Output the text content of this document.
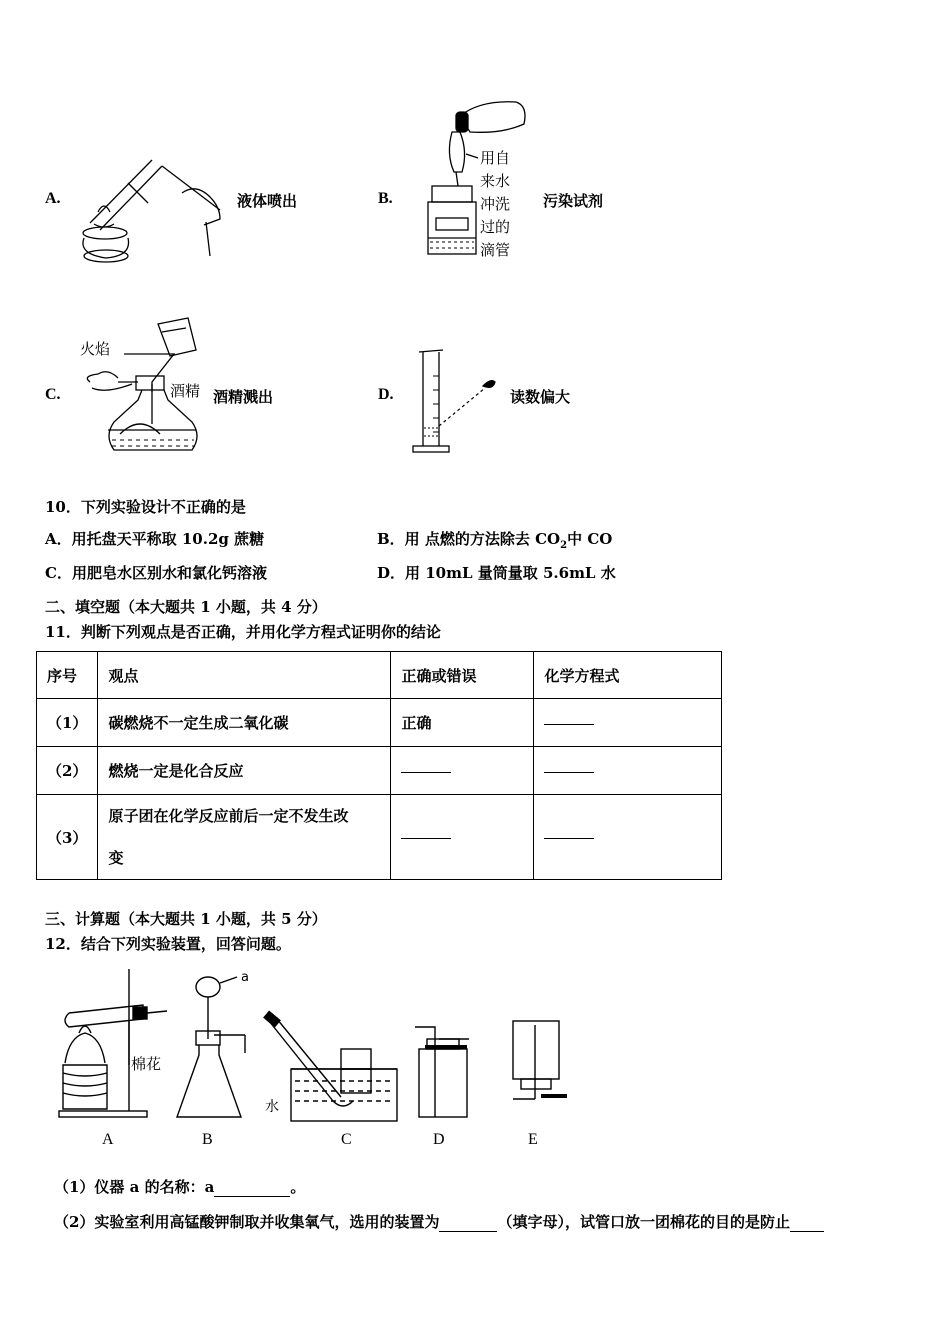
A.	液体喷出	B.
用自
来水
冲洗
过的
滴管
污染试剂
C.
火焰
酒精 酒精溅出	D.	读数偏大
10．下列实验设计不正确的是
A．用托盘天平称取 10.2g 蔗糖	B．用 点燃的方法除去 $CO_2$中 CO
C．用肥皂水区别水和氯化钙溶液	D．用 10mL 量筒量取 5.6mL 水
二、填空题（本大题共 1 小题，共 4 分）
11．判断下列观点是否正确，并用化学方程式证明你的结论
序号	观点	正确或错误	化学方程式
（1）	碳燃烧不一定生成二氧化碳	正确	
（2）	燃烧一定是化合反应		
（3）	原子团在化学反应前后一定不发生改
变		

三、计算题（本大题共 1 小题，共 5 分）
12．结合下列实验装置，回答问题。
a
棉花
水
A	B	C	D	E
（1）仪器 a 的名称：a	。
（2）实验室利用高锰酸钾制取并收集氧气，选用的装置为	（填字母），试管口放一团棉花的目的是防止
